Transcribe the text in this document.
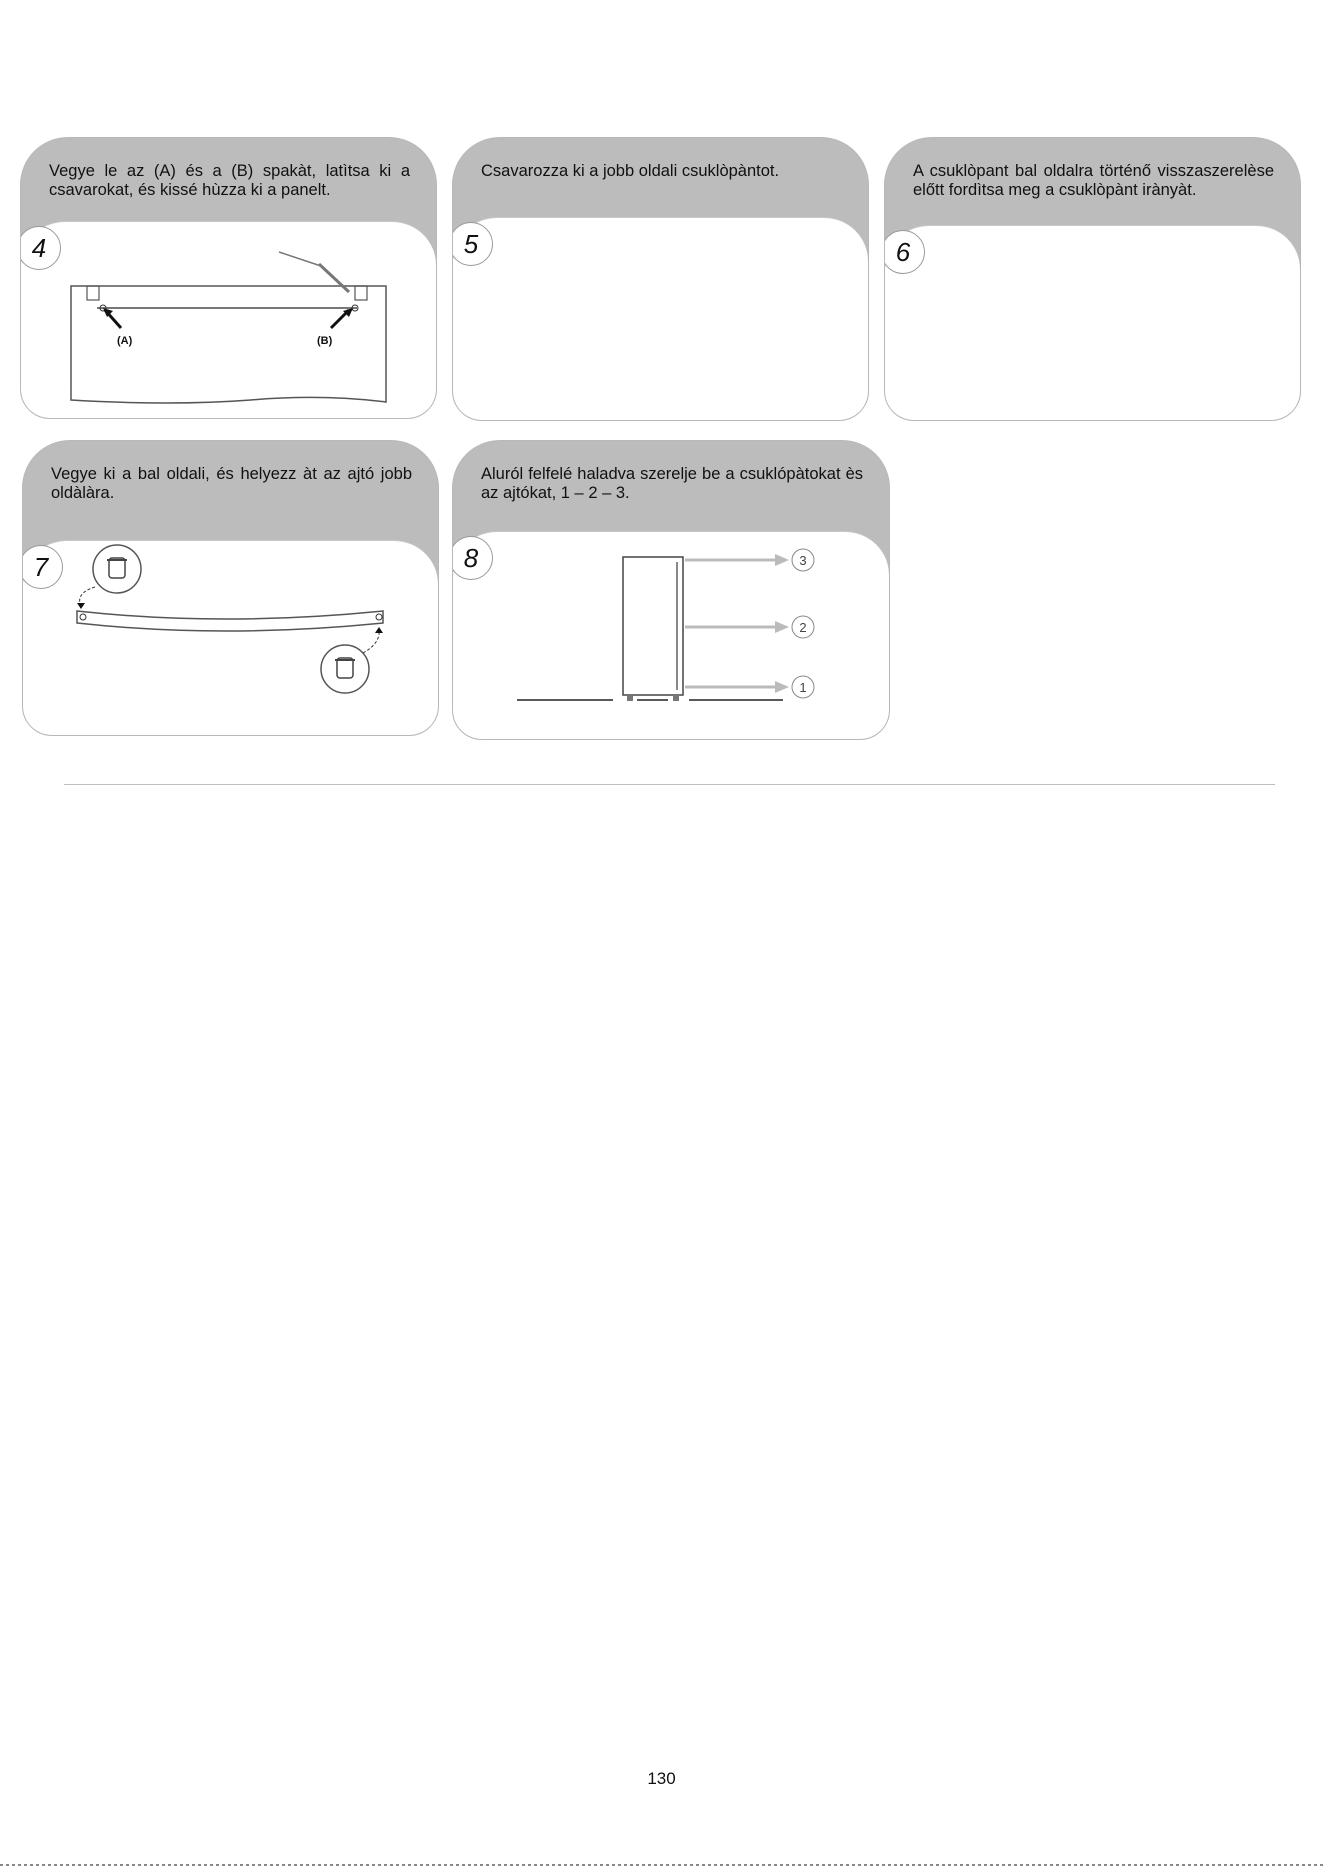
Vegye le az (A) és a (B) spakàt, latìtsa ki a csavarokat, és kissé hùzza ki a panelt.
4
(A)	(B)
Csavarozza ki a jobb oldali csuklòpàntot.
5
A csuklòpant bal oldalra történő visszaszerelèse előtt fordìtsa meg a csuklòpànt irànyàt.
6
Vegye ki a bal oldali, és helyezz àt az ajtó jobb oldàlàra.
7
Aluról felfelé haladva szerelje be a csuklópàtokat ès az ajtókat, 1 – 2 – 3.
8	3
2
1
130
